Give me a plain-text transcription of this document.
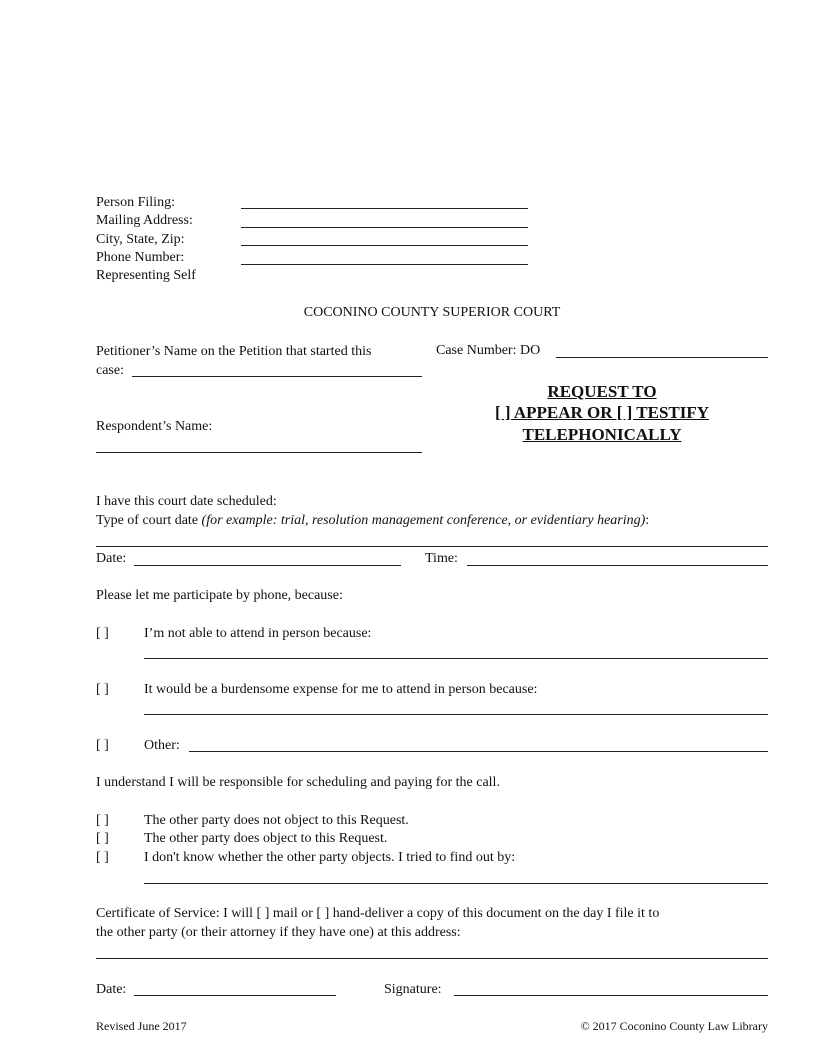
Person Filing:
Mailing Address:
City, State, Zip:
Phone Number:
Representing Self
COCONINO COUNTY SUPERIOR COURT
Petitioner’s Name on the Petition that started this
case:
Respondent’s Name:
Case Number: DO
REQUEST TO
[ ] APPEAR OR [ ] TESTIFY
TELEPHONICALLY
I have this court date scheduled:
Type of court date (for example: trial, resolution management conference, or evidentiary hearing):
Date:	Time:
Please let me participate by phone, because:
[ ]	I’m not able to attend in person because:
[ ]	It would be a burdensome expense for me to attend in person because:
[ ]	Other:
I understand I will be responsible for scheduling and paying for the call.
[ ]	The other party does not object to this Request.
[ ]	The other party does object to this Request.
[ ]	I don't know whether the other party objects. I tried to find out by:
Certificate of Service: I will [ ] mail or [ ] hand-deliver a copy of this document on the day I file it to
the other party (or their attorney if they have one) at this address:
Date:	Signature:
Revised June 2017	© 2017 Coconino County Law Library
